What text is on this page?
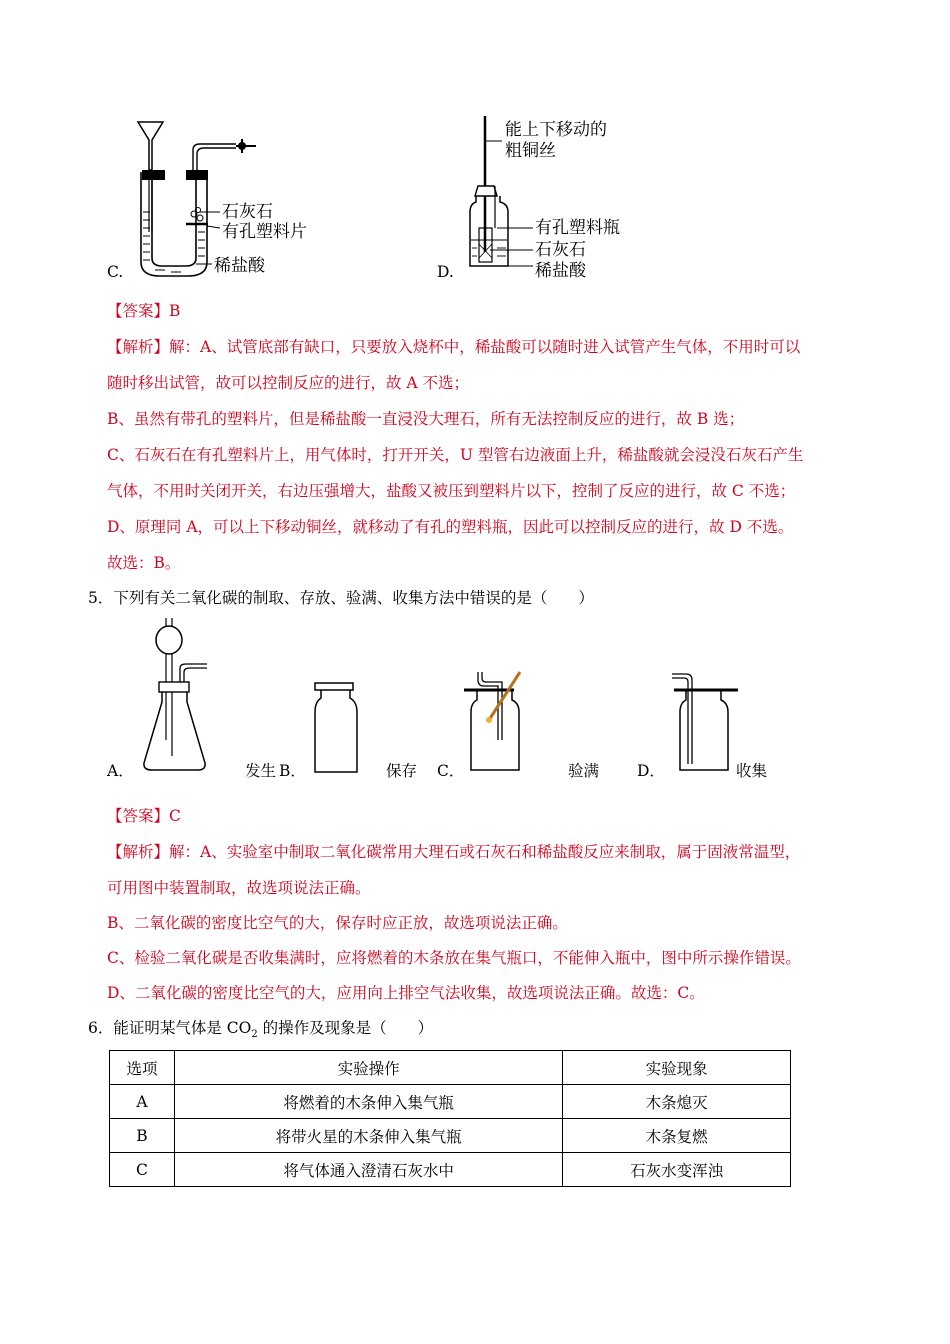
石灰石
有孔塑料片
稀盐酸
C.
能上下移动的
粗铜丝
有孔塑料瓶
石灰石
稀盐酸
D.
【答案】B
【解析】解：A、试管底部有缺口，只要放入烧杯中，稀盐酸可以随时进入试管产生气体，不用时可以
随时移出试管，故可以控制反应的进行，故 A 不选；
B、虽然有带孔的塑料片，但是稀盐酸一直浸没大理石，所有无法控制反应的进行，故 B 选；
C、石灰石在有孔塑料片上，用气体时，打开开关，U 型管右边液面上升，稀盐酸就会浸没石灰石产生
气体，不用时关闭开关，右边压强增大，盐酸又被压到塑料片以下，控制了反应的进行，故 C 不选；
D、原理同 A，可以上下移动铜丝，就移动了有孔的塑料瓶，因此可以控制反应的进行，故 D 不选。
故选：B。
5．下列有关二氧化碳的制取、存放、验满、收集方法中错误的是（　　）
A．	发生 B．	保存 C．	验满 D．	收集
【答案】C
【解析】解：A、实验室中制取二氧化碳常用大理石或石灰石和稀盐酸反应来制取，属于固液常温型，
可用图中装置制取，故选项说法正确。
B、二氧化碳的密度比空气的大，保存时应正放，故选项说法正确。
C、检验二氧化碳是否收集满时，应将燃着的木条放在集气瓶口，不能伸入瓶中，图中所示操作错误。
D、二氧化碳的密度比空气的大，应用向上排空气法收集，故选项说法正确。故选：C。
6．能证明某气体是 $CO_2$ 的操作及现象是（　　）
选项	实验操作	实验现象
A	将燃着的木条伸入集气瓶	木条熄灭
B	将带火星的木条伸入集气瓶	木条复燃
C	将气体通入澄清石灰水中	石灰水变浑浊
